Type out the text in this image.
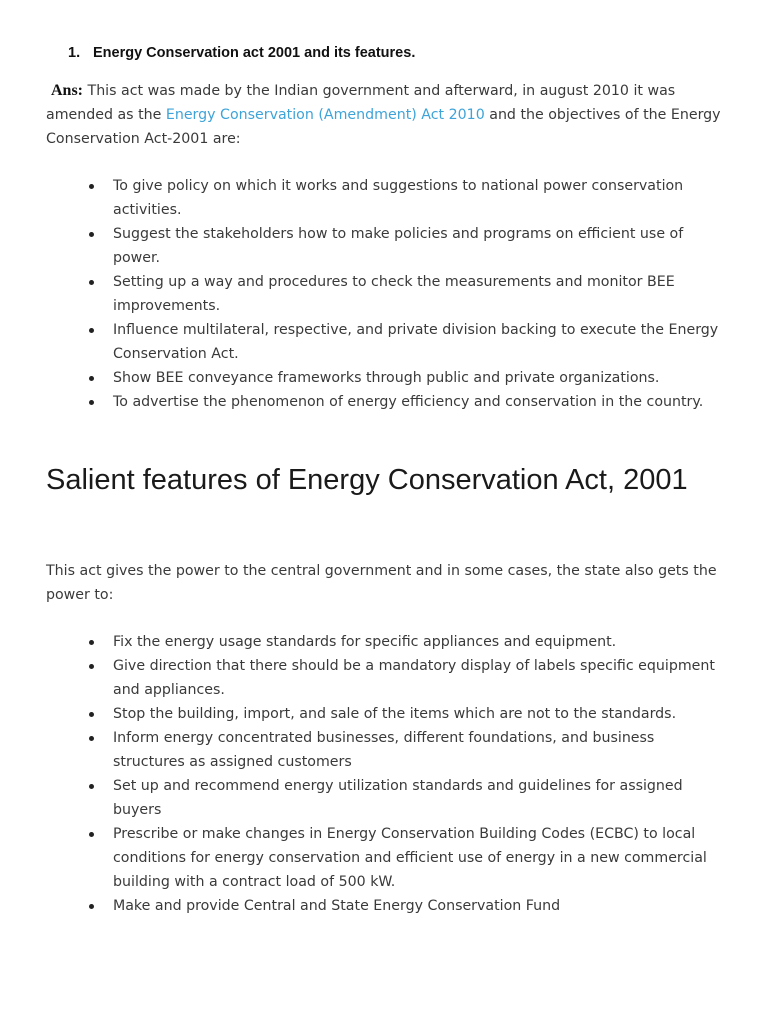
1. Energy Conservation act 2001 and its features.
Ans: This act was made by the Indian government and afterward, in august 2010 it was amended as the Energy Conservation (Amendment) Act 2010 and the objectives of the Energy Conservation Act-2001 are:
To give policy on which it works and suggestions to national power conservation activities.
Suggest the stakeholders how to make policies and programs on efficient use of power.
Setting up a way and procedures to check the measurements and monitor BEE improvements.
Influence multilateral, respective, and private division backing to execute the Energy Conservation Act.
Show BEE conveyance frameworks through public and private organizations.
To advertise the phenomenon of energy efficiency and conservation in the country.
Salient features of Energy Conservation Act, 2001
This act gives the power to the central government and in some cases, the state also gets the power to:
Fix the energy usage standards for specific appliances and equipment.
Give direction that there should be a mandatory display of labels specific equipment and appliances.
Stop the building, import, and sale of the items which are not to the standards.
Inform energy concentrated businesses, different foundations, and business structures as assigned customers
Set up and recommend energy utilization standards and guidelines for assigned buyers
Prescribe or make changes in Energy Conservation Building Codes (ECBC) to local conditions for energy conservation and efficient use of energy in a new commercial building with a contract load of 500 kW.
Make and provide Central and State Energy Conservation Fund
